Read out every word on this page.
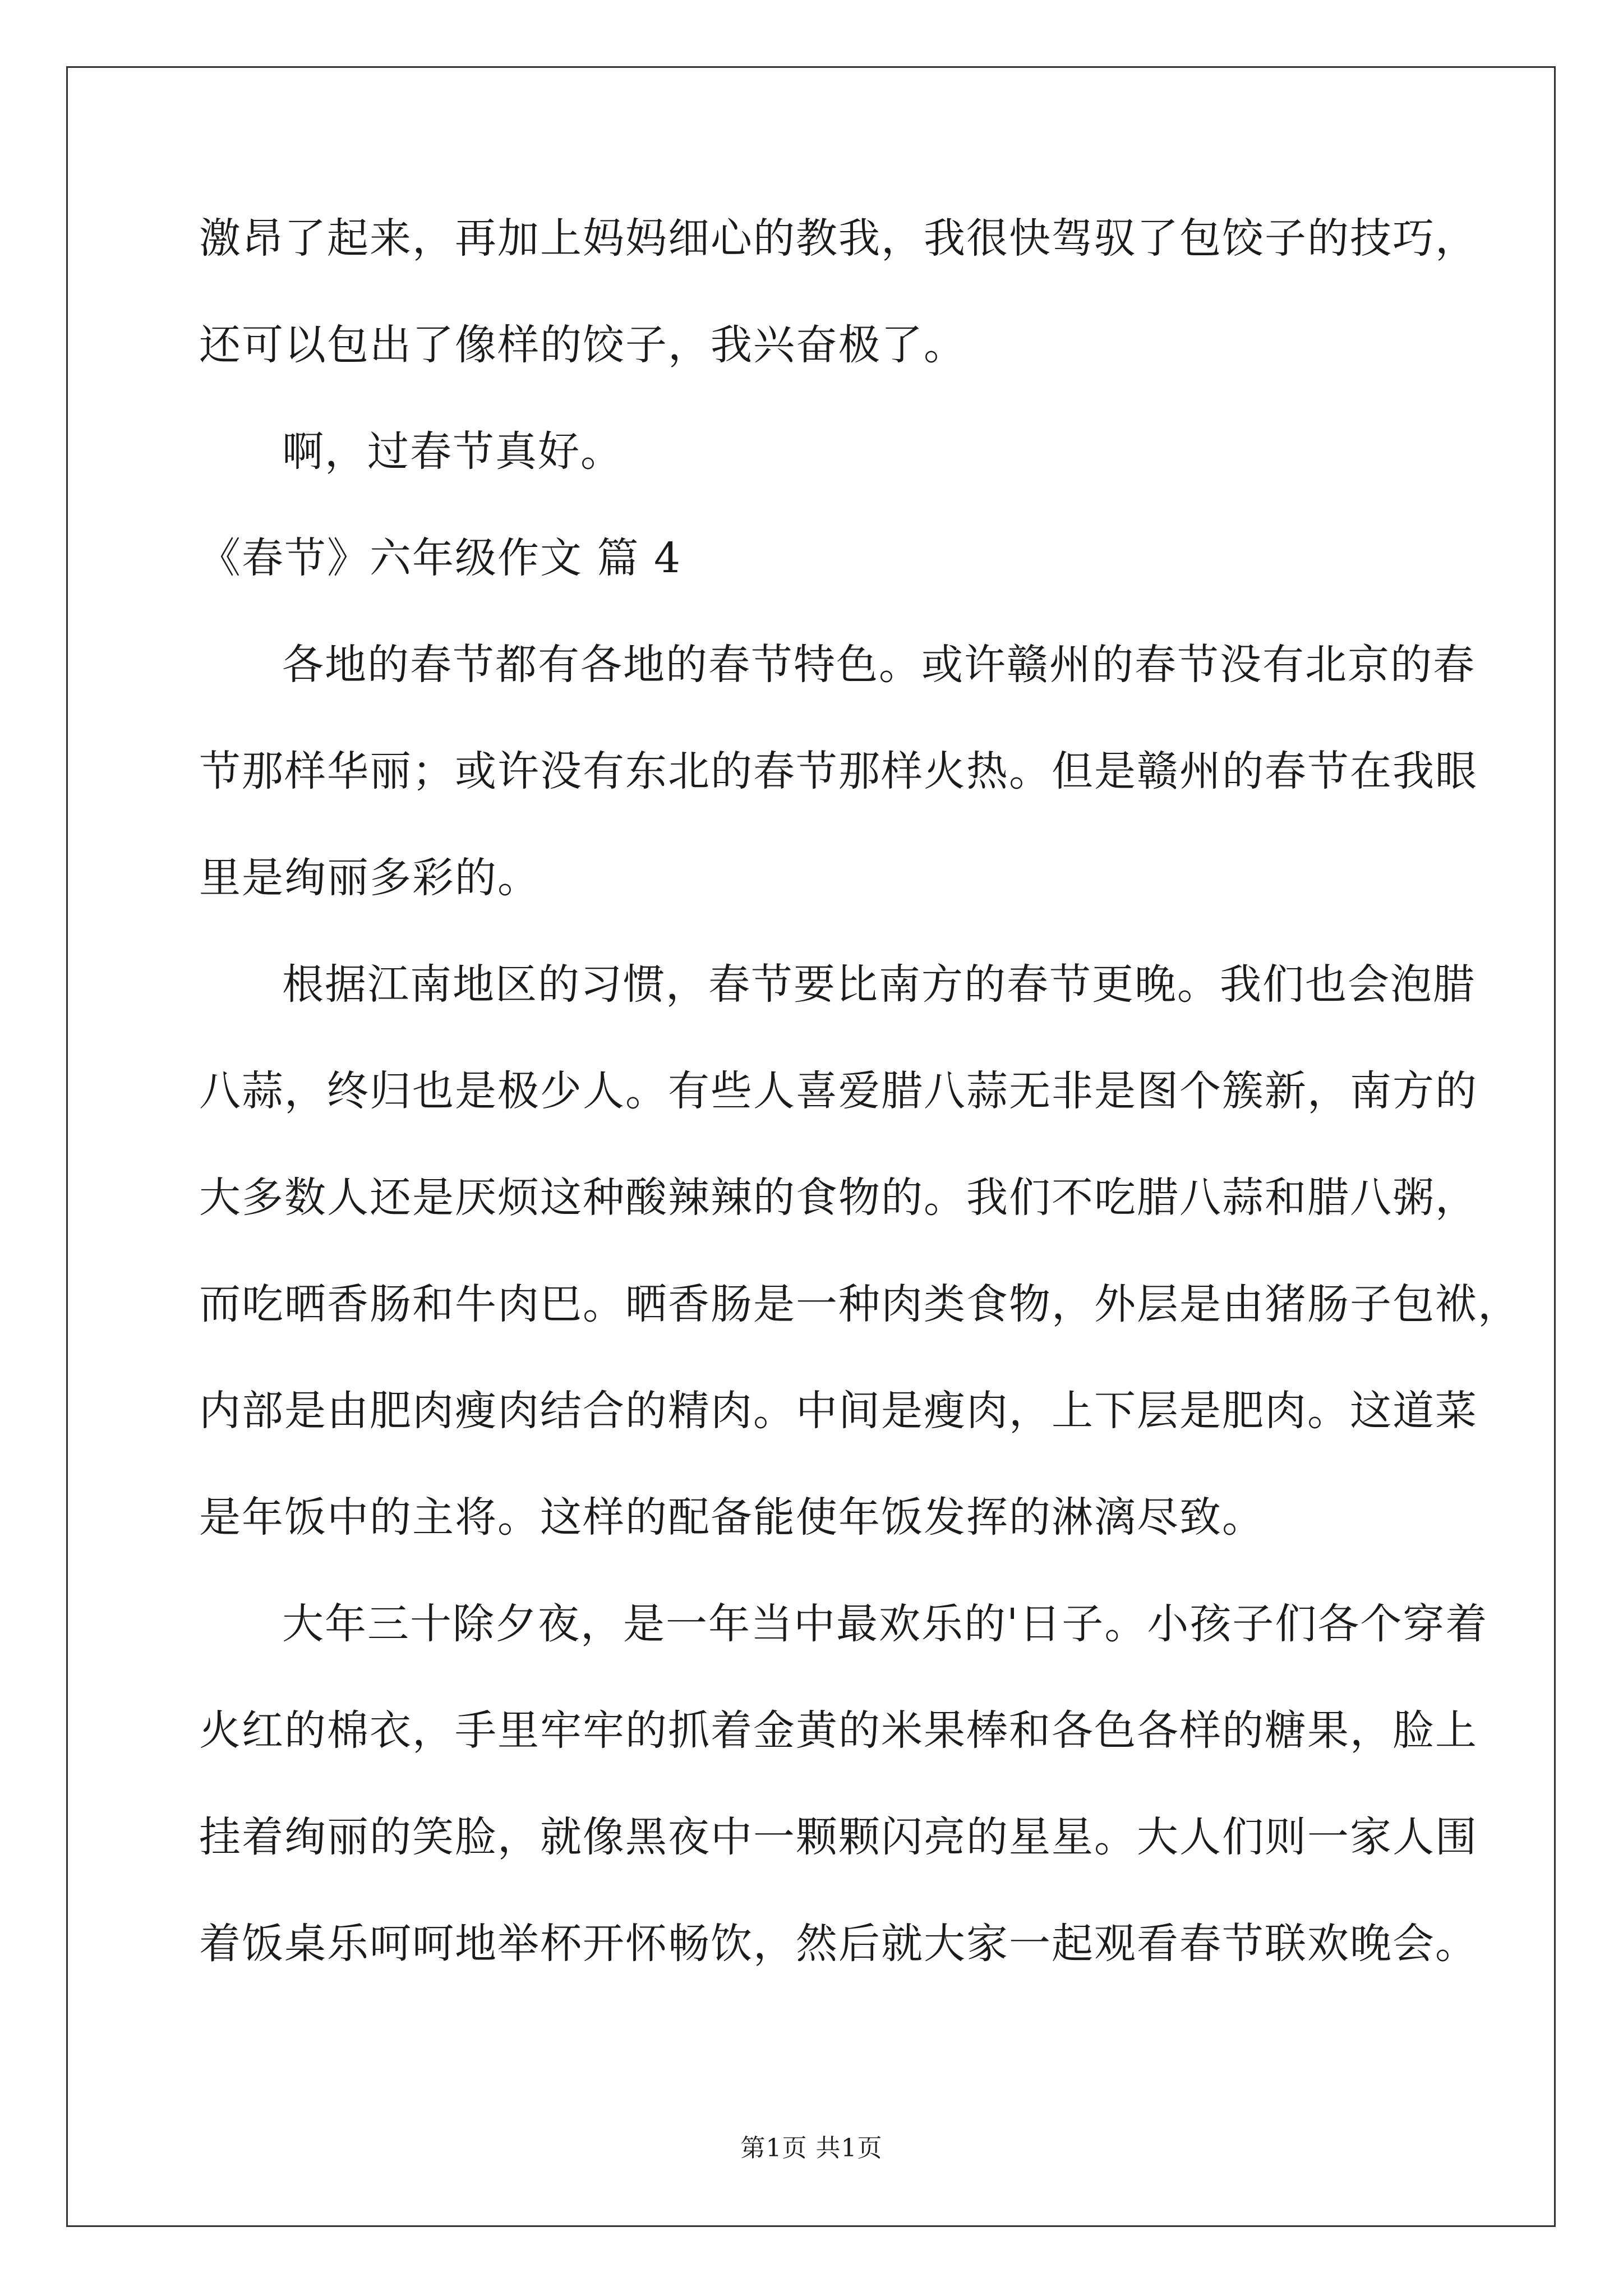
激昂了起来，再加上妈妈细心的教我，我很快驾驭了包饺子的技巧，
还可以包出了像样的饺子，我兴奋极了。
啊，过春节真好。
《春节》六年级作文 篇 4
各地的春节都有各地的春节特色。或许赣州的春节没有北京的春
节那样华丽；或许没有东北的春节那样火热。但是赣州的春节在我眼
里是绚丽多彩的。
根据江南地区的习惯，春节要比南方的春节更晚。我们也会泡腊
八蒜，终归也是极少人。有些人喜爱腊八蒜无非是图个簇新，南方的
大多数人还是厌烦这种酸辣辣的食物的。我们不吃腊八蒜和腊八粥，
而吃晒香肠和牛肉巴。晒香肠是一种肉类食物，外层是由猪肠子包袱，
内部是由肥肉瘦肉结合的精肉。中间是瘦肉，上下层是肥肉。这道菜
是年饭中的主将。这样的配备能使年饭发挥的淋漓尽致。
大年三十除夕夜，是一年当中最欢乐的'日子。小孩子们各个穿着
火红的棉衣，手里牢牢的抓着金黄的米果棒和各色各样的糖果，脸上
挂着绚丽的笑脸，就像黑夜中一颗颗闪亮的星星。大人们则一家人围
着饭桌乐呵呵地举杯开怀畅饮，然后就大家一起观看春节联欢晚会。
第1页 共1页
